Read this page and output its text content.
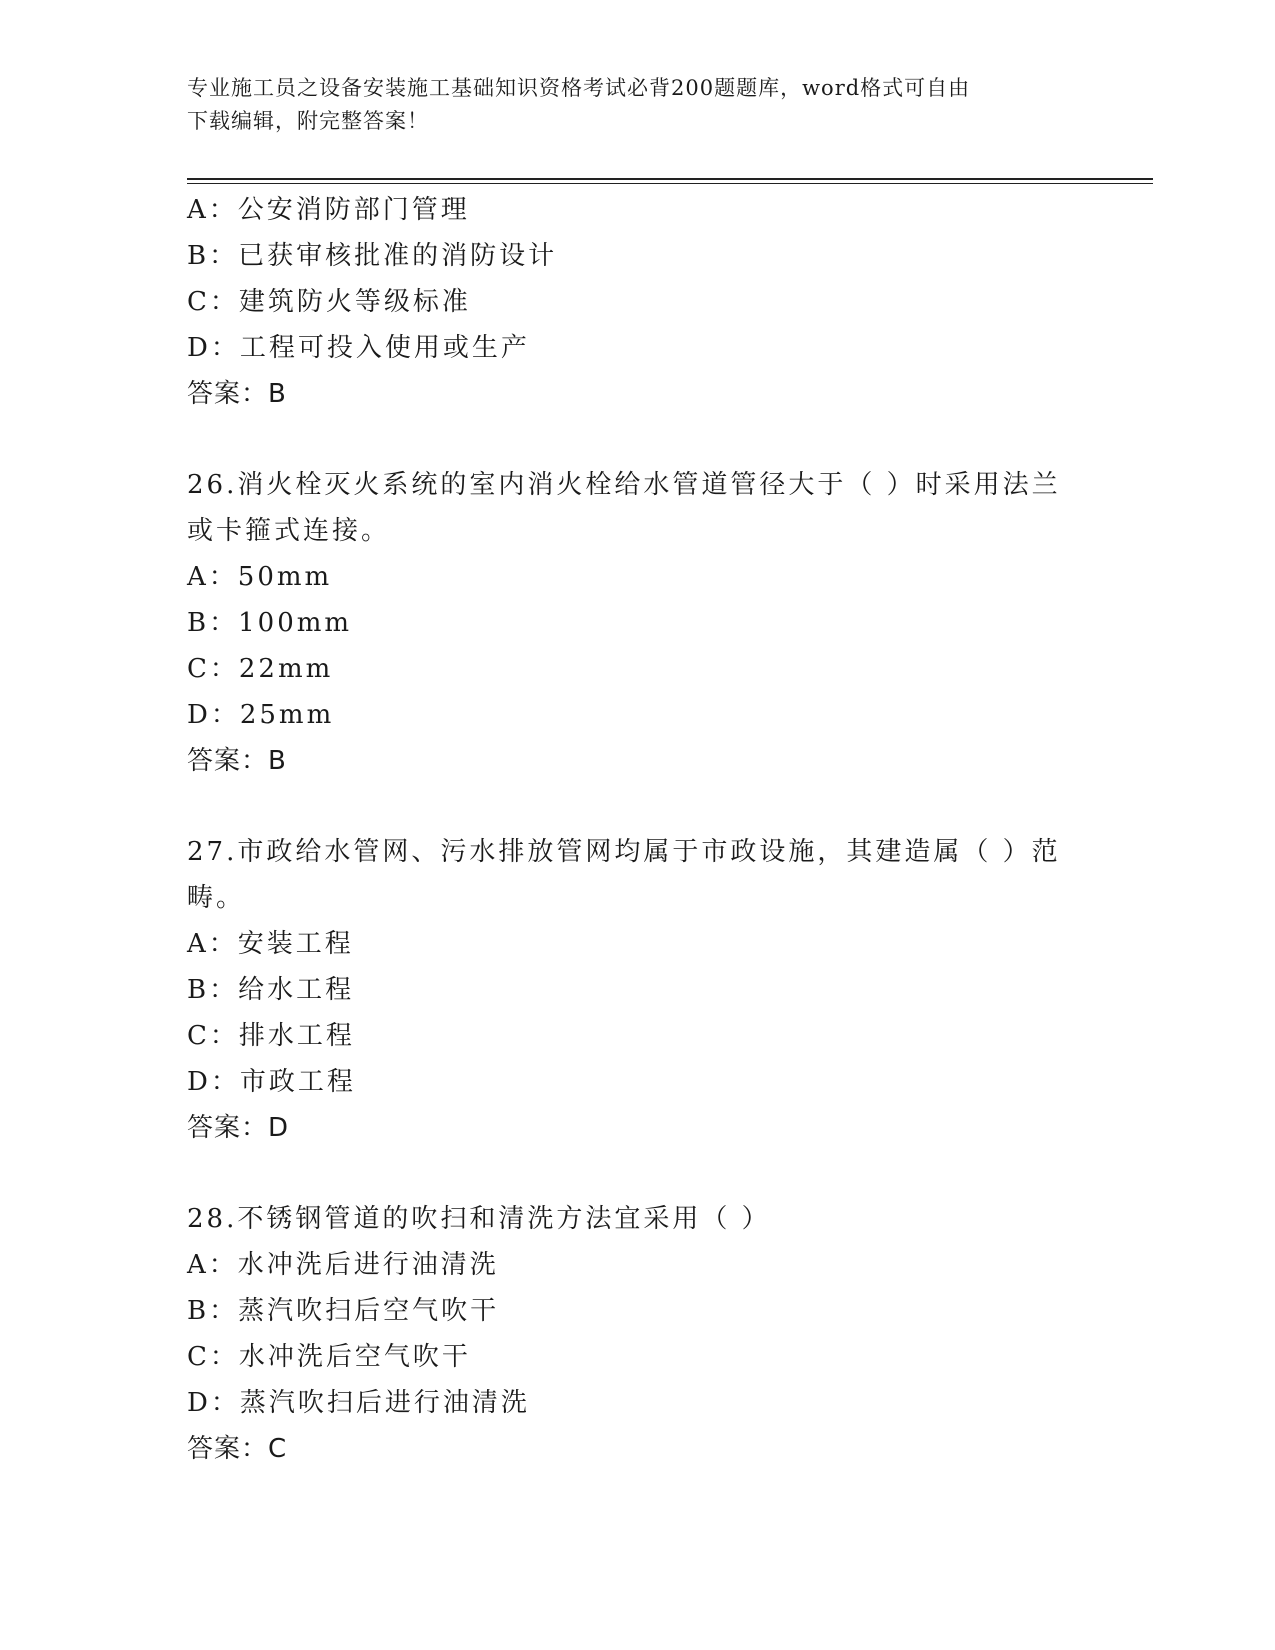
专业施工员之设备安装施工基础知识资格考试必背200题题库，word格式可自由
下载编辑，附完整答案！
A：公安消防部门管理
B：已获审核批准的消防设计
C：建筑防火等级标准
D：工程可投入使用或生产
答案：B
26.消火栓灭火系统的室内消火栓给水管道管径大于（ ）时采用法兰
或卡箍式连接。
A：50mm
B：100mm
C：22mm
D：25mm
答案：B
27.市政给水管网、污水排放管网均属于市政设施，其建造属（ ）范
畴。
A：安装工程
B：给水工程
C：排水工程
D：市政工程
答案：D
28.不锈钢管道的吹扫和清洗方法宜采用（ ）
A：水冲洗后进行油清洗
B：蒸汽吹扫后空气吹干
C：水冲洗后空气吹干
D：蒸汽吹扫后进行油清洗
答案：C
